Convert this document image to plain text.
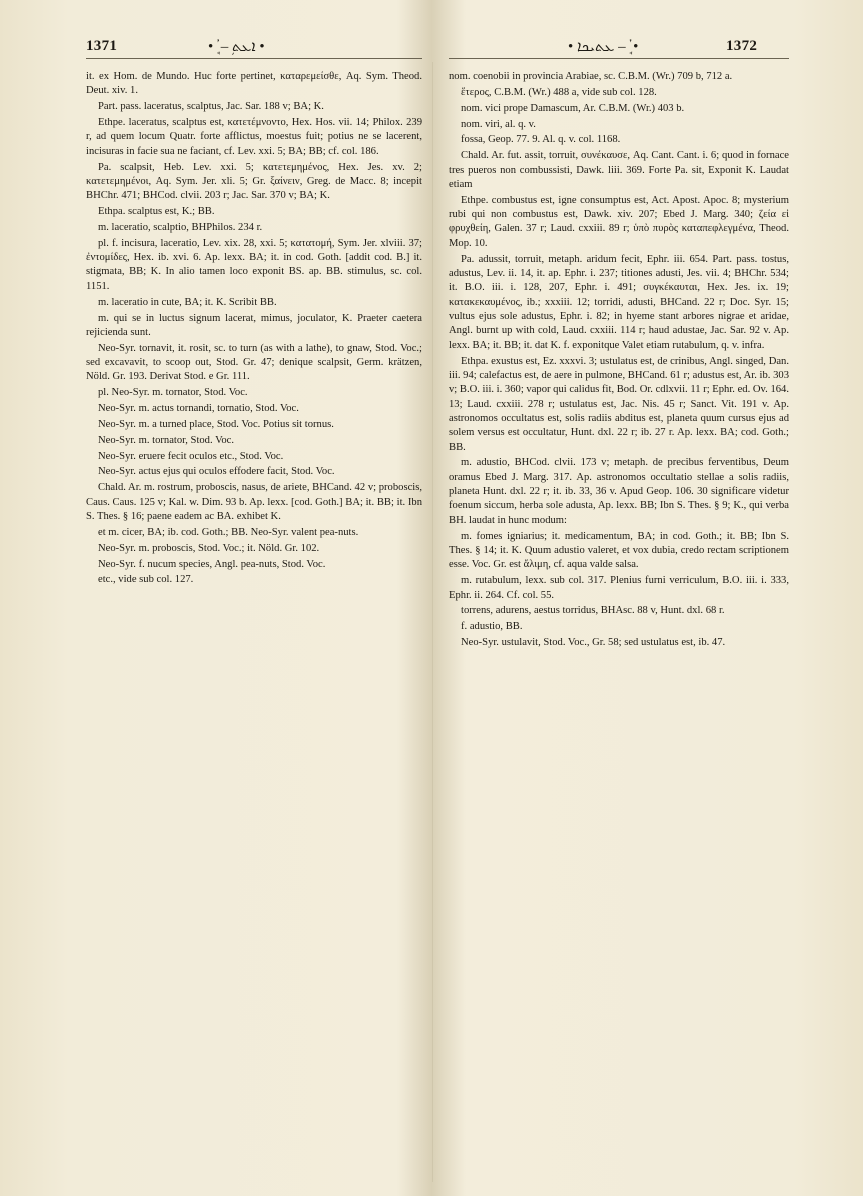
1371	• ܱܳ – ܼܐܥܬ •	• ܥܬܝܟܐ – ܱܳ •	1372

it. ex Hom. de Mundo. Huc forte pertinet, καταρεμείσθε, Aq. Sym. Theod. Deut. xiv. 1.

Part. pass. laceratus, scalptus, Jac. Sar. 188 v; BA; K.

Ethpe. laceratus, scalptus est, κατετέμνοντο, Hex. Hos. vii. 14; Philox. 239 r, ad quem locum Quatr. forte afflictus, moestus fuit; potius ne se lacerent, incisuras in facie sua ne faciant, cf. Lev. xxi. 5; BA; BB; cf. col. 186.

Pa. scalpsit, Heb. Lev. xxi. 5; κατετεμημένος, Hex. Jes. xv. 2; κατετεμημένοι, Aq. Sym. Jer. xli. 5; Gr. ξαίνειν, Greg. de Macc. 8; incepit BHChr. 471; BHCod. clvii. 203 r; Jac. Sar. 370 v; BA; K.

Ethpa. scalptus est, K.; BB.

m. laceratio, scalptio, BHPhilos. 234 r.

pl. f. incisura, laceratio, Lev. xix. 28, xxi. 5; κατατομή, Sym. Jer. xlviii. 37; ἐντομίδες, Hex. ib. xvi. 6. Ap. lexx. BA; it. in cod. Goth. [addit cod. B.] it. stigmata, BB; K. In alio tamen loco exponit BS. ap. BB. stimulus, sc. col. 1151.

m. laceratio in cute, BA; it. K. Scribit BB.

m. qui se in luctus signum lacerat, mimus, joculator, K. Praeter caetera rejicienda sunt.

Neo-Syr. tornavit, it. rosit, sc. to turn (as with a lathe), to gnaw, Stod. Voc.; sed excavavit, to scoop out, Stod. Gr. 47; denique scalpsit, Germ. krätzen, Nöld. Gr. 193. Derivat Stod. e Gr. 111.

pl. Neo-Syr. m. tornator, Stod. Voc.

Neo-Syr. m. actus tornandi, tornatio, Stod. Voc.

Neo-Syr. m. a turned place, Stod. Voc. Potius sit tornus.

Neo-Syr. m. tornator, Stod. Voc.

Neo-Syr. eruere fecit oculos etc., Stod. Voc.

Neo-Syr. actus ejus qui oculos effodere facit, Stod. Voc.

Chald. Ar. m. rostrum, proboscis, nasus, de ariete, BHCand. 42 v; proboscis, Caus. Caus. 125 v; Kal. w. Dim. 93 b. Ap. lexx. [cod. Goth.] BA; it. BB; it. Ibn S. Thes. § 16; paene eadem ac BA. exhibet K.

et m. cicer, BA; ib. cod. Goth.; BB. Neo-Syr. valent pea-nuts.

Neo-Syr. m. proboscis, Stod. Voc.; it. Nöld. Gr. 102.

Neo-Syr. f. nucum species, Angl. pea-nuts, Stod. Voc.

etc., vide sub col. 127.

nom. coenobii in provincia Arabiae, sc. C.B.M. (Wr.) 709 b, 712 a.

ἕτερος, C.B.M. (Wr.) 488 a, vide sub col. 128.

nom. vici prope Damascum, Ar. C.B.M. (Wr.) 403 b.

nom. viri, al. q. v.

fossa, Geop. 77. 9. Al. q. v. col. 1168.

Chald. Ar. fut. assit, torruit, συνέκαυσε, Aq. Cant. Cant. i. 6; quod in fornace tres pueros non combussisti, Dawk. liii. 369. Forte Pa. sit, Exponit K. Laudat etiam

Ethpe. combustus est, igne consumptus est, Act. Apost. Apoc. 8; mysterium rubi qui non combustus est, Dawk. xiv. 207; Ebed J. Marg. 340; ζεία εἰ φρυχθείη, Galen. 37 r; Laud. cxxiii. 89 r; ὑπὸ πυρὸς καταπεφλεγμένα, Theod. Mop. 10.

Pa. adussit, torruit, metaph. aridum fecit, Ephr. iii. 654. Part. pass. tostus, adustus, Lev. ii. 14, it. ap. Ephr. i. 237; titiones adusti, Jes. vii. 4; BHChr. 534; it. B.O. iii. i. 128, 207, Ephr. i. 491; συγκέκαυται, Hex. Jes. ix. 19; κατακεκαυμένος, ib.; xxxiii. 12; torridi, adusti, BHCand. 22 r; Doc. Syr. 15; vultus ejus sole adustus, Ephr. i. 82; in hyeme stant arbores nigrae et aridae, Angl. burnt up with cold, Laud. cxxiii. 114 r; haud adustae, Jac. Sar. 92 v. Ap. lexx. BA; it. BB; it. dat K. f. exponitque Valet etiam rutabulum, q. v. infra.

Ethpa. exustus est, Ez. xxxvi. 3; ustulatus est, de crinibus, Angl. singed, Dan. iii. 94; calefactus est, de aere in pulmone, BHCand. 61 r; adustus est, Ar. ib. 303 v; B.O. iii. i. 360; vapor qui calidus fit, Bod. Or. cdlxvii. 11 r; Ephr. ed. Ov. 164. 13; Laud. cxxiii. 278 r; ustulatus est, Jac. Nis. 45 r; Sanct. Vit. 191 v. Ap. astronomos occultatus est, solis radiis abditus est, planeta quum cursus ejus ad solem versus est occultatur, Hunt. dxl. 22 r; ib. 27 r. Ap. lexx. BA; cod. Goth.; BB.

m. adustio, BHCod. clvii. 173 v; metaph. de precibus ferventibus, Deum oramus Ebed J. Marg. 317. Ap. astronomos occultatio stellae a solis radiis, planeta Hunt. dxl. 22 r; it. ib. 33, 36 v. Apud Geop. 106. 30 significare videtur foenum siccum, herba sole adusta, Ap. lexx. BB; Ibn S. Thes. § 9; K., qui verba BH. laudat in hunc modum:

m. fomes igniarius; it. medicamentum, BA; in cod. Goth.; it. BB; Ibn S. Thes. § 14; it. K. Quum adustio valeret, et vox dubia, credo rectam scriptionem esse. Voc. Gr. est ἄλιμη, cf. aqua valde salsa.

m. rutabulum, lexx. sub col. 317. Plenius furni verriculum, B.O. iii. i. 333, Ephr. ii. 264. Cf. col. 55.

torrens, adurens, aestus torridus, BHAsc. 88 v, Hunt. dxl. 68 r.

f. adustio, BB.

Neo-Syr. ustulavit, Stod. Voc., Gr. 58; sed ustulatus est, ib. 47.
